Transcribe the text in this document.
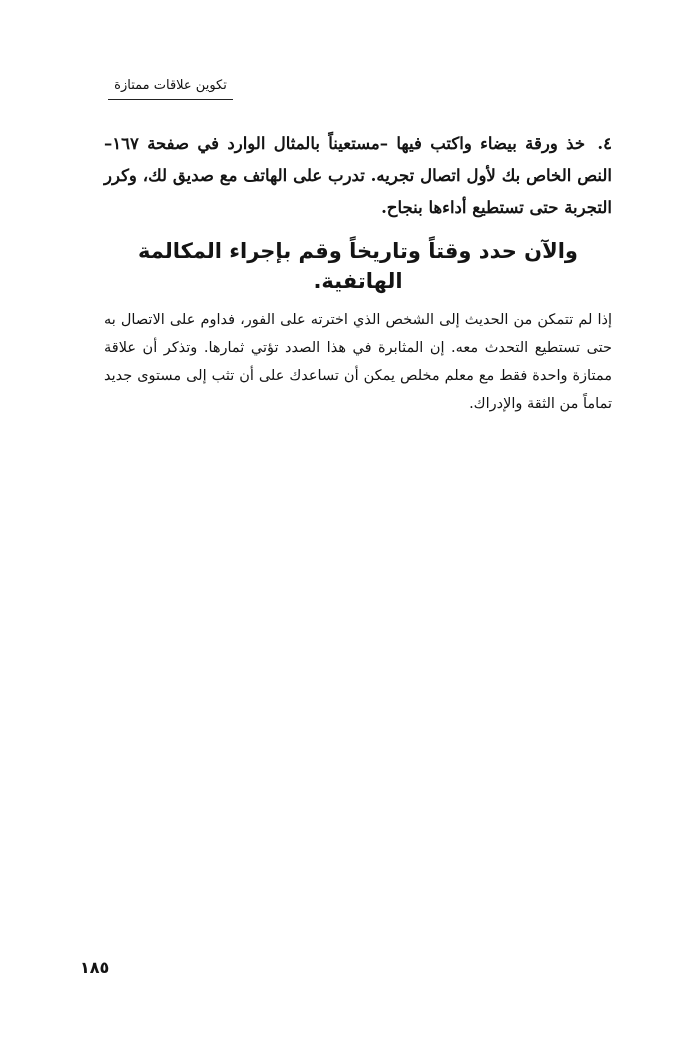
تكوين علاقات ممتازة

٤. خذ ورقة بيضاء واكتب فيها –مستعيناً بالمثال الوارد في صفحة ١٦٧– النص الخاص بك لأول اتصال تجريه. تدرب على الهاتف مع صديق لك، وكرر التجربة حتى تستطيع أداءها بنجاح.

والآن حدد وقتاً وتاريخاً وقم بإجراء المكالمة الهاتفية.

إذا لم تتمكن من الحديث إلى الشخص الذي اخترته على الفور، فداوم على الاتصال به حتى تستطيع التحدث معه. إن المثابرة في هذا الصدد تؤتي ثمارها. وتذكر أن علاقة ممتازة واحدة فقط مع معلم مخلص يمكن أن تساعدك على أن تثب إلى مستوى جديد تماماً من الثقة والإدراك.

١٨٥
